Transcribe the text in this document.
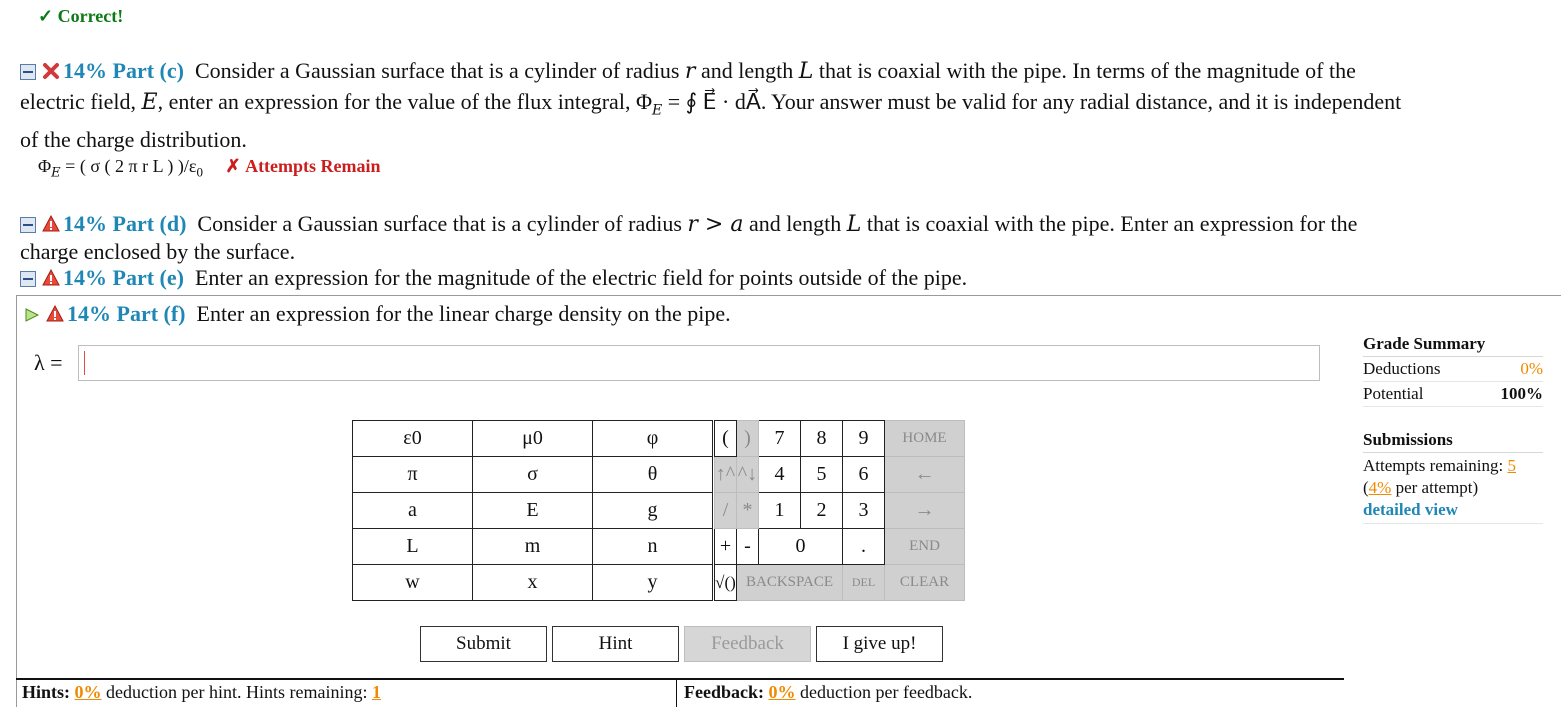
✓ Correct!
14% Part (c) Consider a Gaussian surface that is a cylinder of radius r and length L that is coaxial with the pipe. In terms of the magnitude of the
electric field, E, enter an expression for the value of the flux integral, $\Phi_E$ = ∮ E⃗ · dA⃗. Your answer must be valid for any radial distance, and it is independent
of the charge distribution.
$\Phi_E$ = ( σ ( 2 π r L ) )$/\varepsilon_0$ ✗ Attempts Remain
14% Part (d) Consider a Gaussian surface that is a cylinder of radius r > a and length L that is coaxial with the pipe. Enter an expression for the
charge enclosed by the surface.
14% Part (e) Enter an expression for the magnitude of the electric field for points outside of the pipe.
14% Part (f) Enter an expression for the linear charge density on the pipe.
λ =
ε0	μ0	φ
π	σ	θ
a	E	g
L	m	n
w	x	y
(	)	7	8	9	HOME
↑^	^↓	4	5	6	←
/	*	1	2	3	→
+	-	0		.	END
√()	BACKSPACE			DEL	CLEAR
Submit	Hint	Feedback	I give up!
Grade Summary
Deductions	0%
Potential	100%
Submissions
Attempts remaining: 5
(4% per attempt)
detailed view
Hints: 0% deduction per hint. Hints remaining: 1	Feedback: 0% deduction per feedback.
